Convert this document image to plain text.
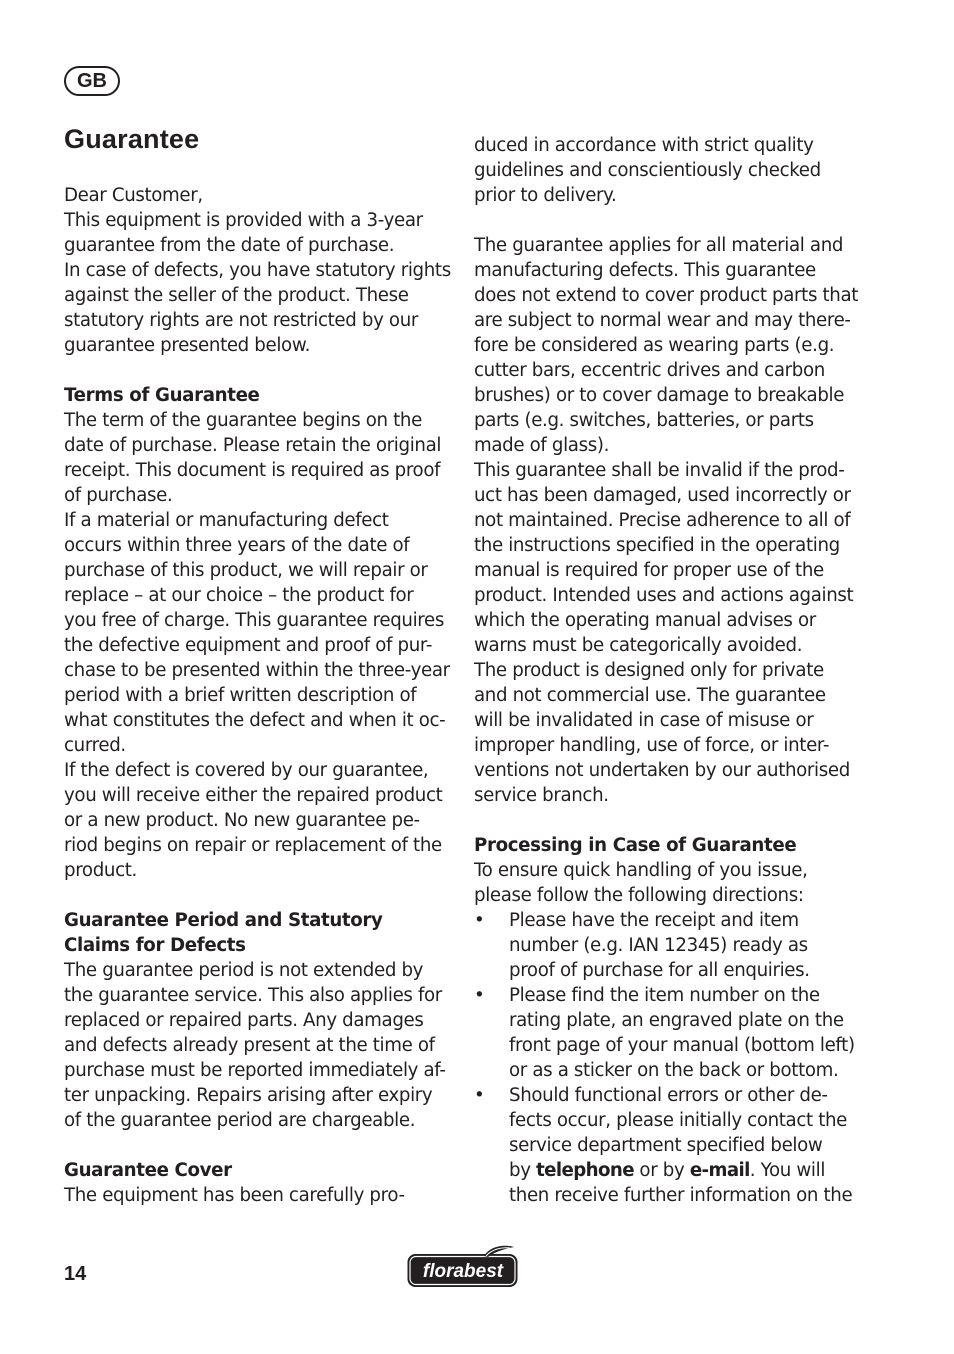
GB
Guarantee
Dear Customer,
This equipment is provided with a 3-year
guarantee from the date of purchase.
In case of defects, you have statutory rights
against the seller of the product. These
statutory rights are not restricted by our
guarantee presented below.
Terms of Guarantee
The term of the guarantee begins on the
date of purchase. Please retain the original
receipt. This document is required as proof
of purchase.
If a material or manufacturing defect
occurs within three years of the date of
purchase of this product, we will repair or
replace – at our choice – the product for
you free of charge. This guarantee requires
the defective equipment and proof of pur-
chase to be presented within the three-year
period with a brief written description of
what constitutes the defect and when it oc-
curred.
If the defect is covered by our guarantee,
you will receive either the repaired product
or a new product. No new guarantee pe-
riod begins on repair or replacement of the
product.
Guarantee Period and Statutory
Claims for Defects
The guarantee period is not extended by
the guarantee service. This also applies for
replaced or repaired parts. Any damages
and defects already present at the time of
purchase must be reported immediately af-
ter unpacking. Repairs arising after expiry
of the guarantee period are chargeable.
Guarantee Cover
The equipment has been carefully pro-
duced in accordance with strict quality
guidelines and conscientiously checked
prior to delivery.
The guarantee applies for all material and
manufacturing defects. This guarantee
does not extend to cover product parts that
are subject to normal wear and may there-
fore be considered as wearing parts (e.g.
cutter bars, eccentric drives and carbon
brushes) or to cover damage to breakable
parts (e.g. switches, batteries, or parts
made of glass).
This guarantee shall be invalid if the prod-
uct has been damaged, used incorrectly or
not maintained. Precise adherence to all of
the instructions specified in the operating
manual is required for proper use of the
product. Intended uses and actions against
which the operating manual advises or
warns must be categorically avoided.
The product is designed only for private
and not commercial use. The guarantee
will be invalidated in case of misuse or
improper handling, use of force, or inter-
ventions not undertaken by our authorised
service branch.
Processing in Case of Guarantee
To ensure quick handling of you issue,
please follow the following directions:
• Please have the receipt and item
number (e.g. IAN 12345) ready as
proof of purchase for all enquiries.
• Please find the item number on the
rating plate, an engraved plate on the
front page of your manual (bottom left)
or as a sticker on the back or bottom.
• Should functional errors or other de-
fects occur, please initially contact the
service department specified below
by telephone or by e-mail. You will
then receive further information on the
14	florabest
